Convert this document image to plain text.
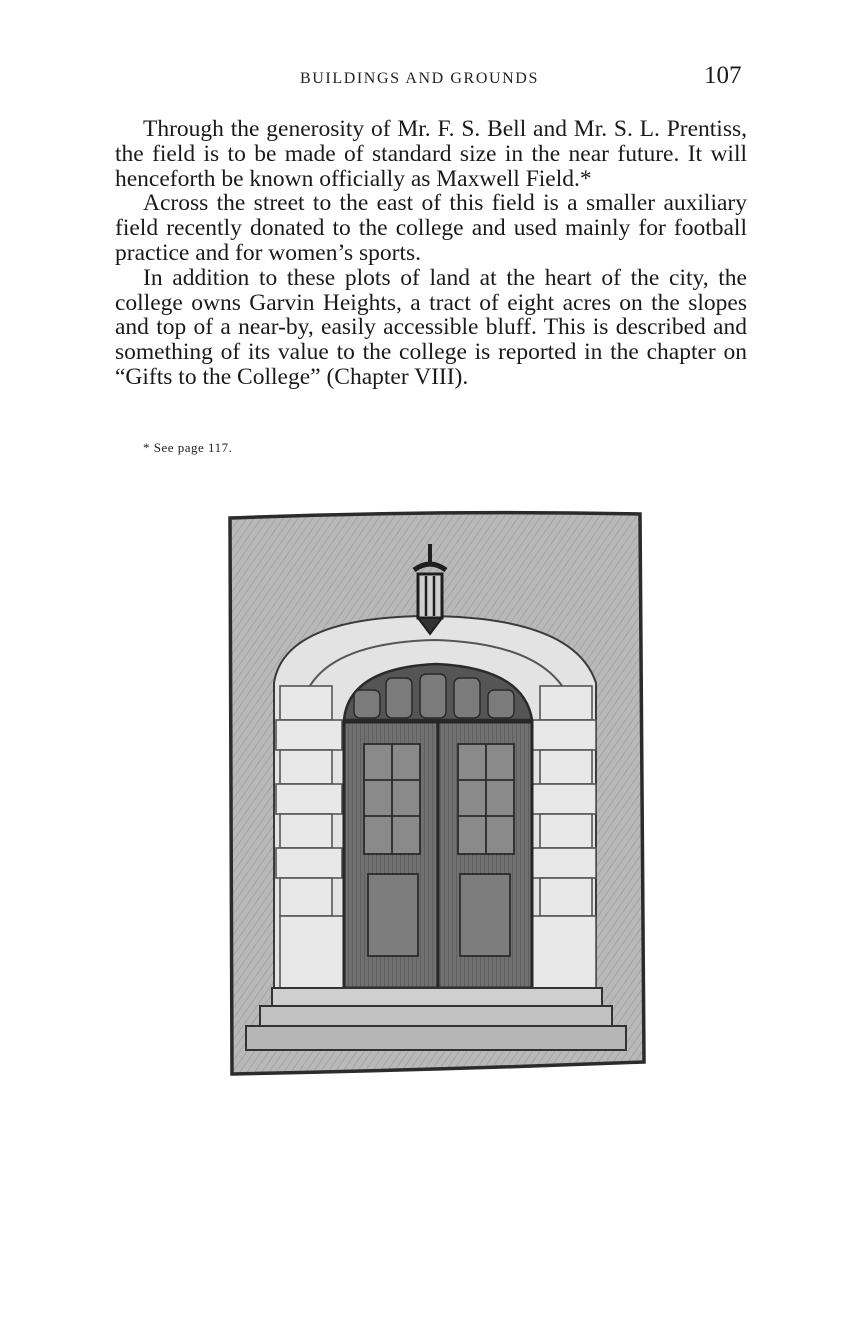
BUILDINGS AND GROUNDS	107

Through the generosity of Mr. F. S. Bell and Mr. S. L. Prentiss, the field is to be made of standard size in the near future. It will henceforth be known officially as Maxwell Field.*

Across the street to the east of this field is a smaller auxiliary field recently donated to the college and used mainly for football practice and for women’s sports.

In addition to these plots of land at the heart of the city, the college owns Garvin Heights, a tract of eight acres on the slopes and top of a near-by, easily accessible bluff. This is described and something of its value to the college is reported in the chapter on “Gifts to the College” (Chapter VIII).

* See page 117.
